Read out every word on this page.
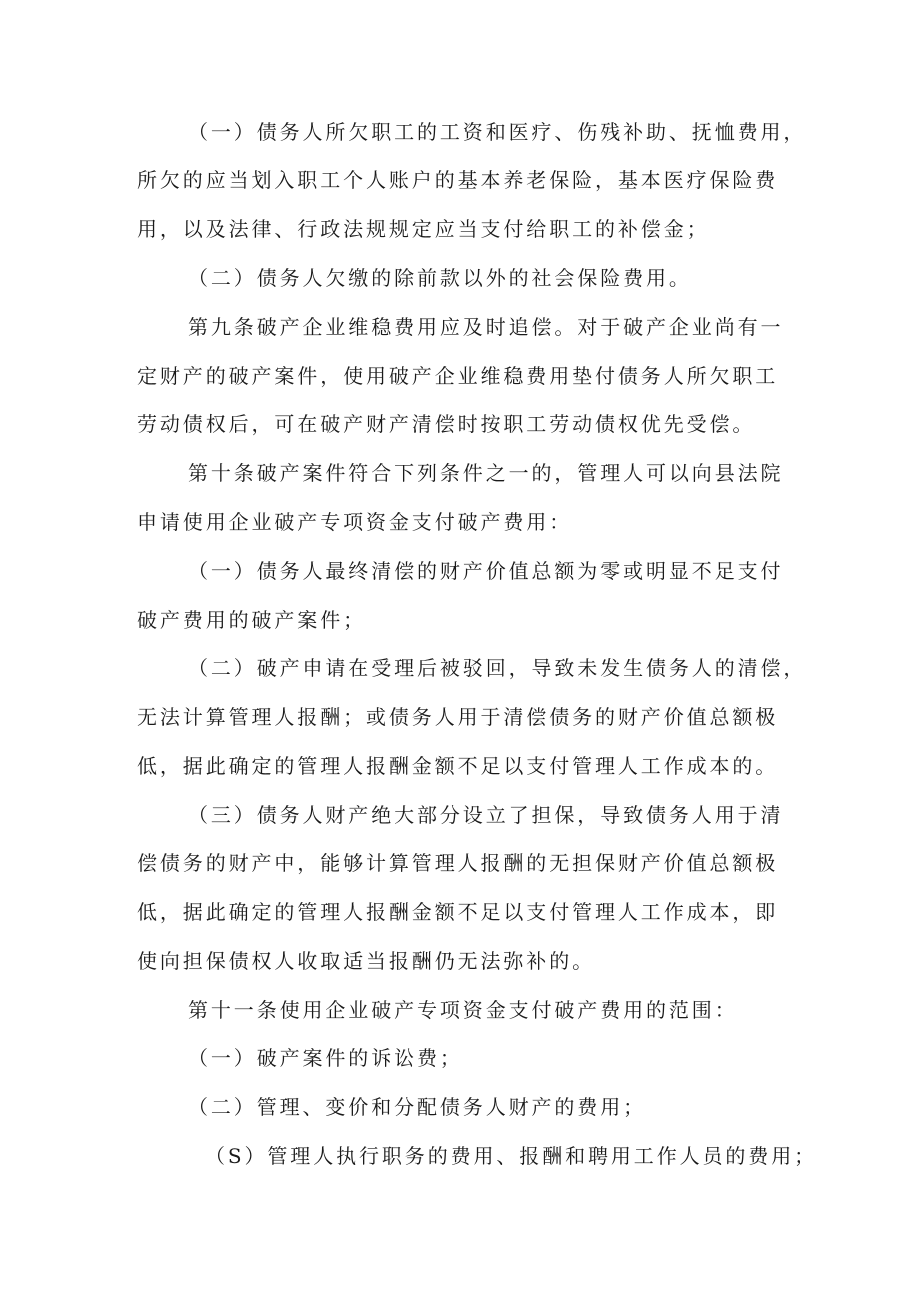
（一）债务人所欠职工的工资和医疗、伤残补助、抚恤费用，
所欠的应当划入职工个人账户的基本养老保险，基本医疗保险费
用，以及法律、行政法规规定应当支付给职工的补偿金；
（二）债务人欠缴的除前款以外的社会保险费用。
第九条破产企业维稳费用应及时追偿。对于破产企业尚有一
定财产的破产案件，使用破产企业维稳费用垫付债务人所欠职工
劳动债权后，可在破产财产清偿时按职工劳动债权优先受偿。
第十条破产案件符合下列条件之一的，管理人可以向县法院
申请使用企业破产专项资金支付破产费用：
（一）债务人最终清偿的财产价值总额为零或明显不足支付
破产费用的破产案件；
（二）破产申请在受理后被驳回，导致未发生债务人的清偿，
无法计算管理人报酬；或债务人用于清偿债务的财产价值总额极
低，据此确定的管理人报酬金额不足以支付管理人工作成本的。
（三）债务人财产绝大部分设立了担保，导致债务人用于清
偿债务的财产中，能够计算管理人报酬的无担保财产价值总额极
低，据此确定的管理人报酬金额不足以支付管理人工作成本，即
使向担保债权人收取适当报酬仍无法弥补的。
第十一条使用企业破产专项资金支付破产费用的范围：
（一）破产案件的诉讼费；
（二）管理、变价和分配债务人财产的费用；
（S）管理人执行职务的费用、报酬和聘用工作人员的费用；
